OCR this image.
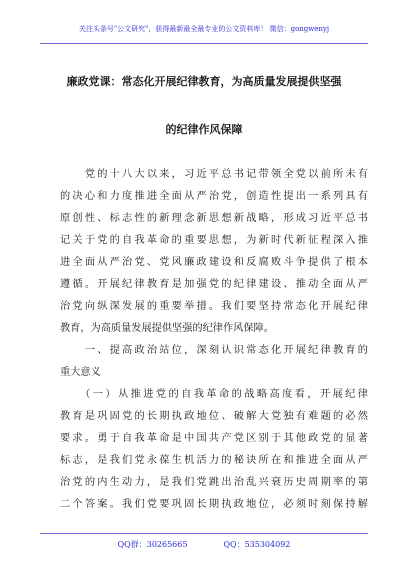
关注头条号"公文研究"，获得最新最全最专业的公文资料库！ 微信：gongwenyj
廉政党课：常态化开展纪律教育，为高质量发展提供坚强
的纪律作风保障
　　党的十八大以来，习近平总书记带领全党以前所未有
的决心和力度推进全面从严治党，创造性提出一系列具有
原创性、标志性的新理念新思想新战略，形成习近平总书
记关于党的自我革命的重要思想，为新时代新征程深入推
进全面从严治党、党风廉政建设和反腐败斗争提供了根本
遵循。开展纪律教育是加强党的纪律建设、推动全面从严
治党向纵深发展的重要举措。我们要坚持常态化开展纪律
教育，为高质量发展提供坚强的纪律作风保障。
　　一、提高政治站位，深刻认识常态化开展纪律教育的
重大意义
　　（一）从推进党的自我革命的战略高度看，开展纪律
教育是巩固党的长期执政地位、破解大党独有难题的必然
要求。勇于自我革命是中国共产党区别于其他政党的显著
标志，是我们党永葆生机活力的秘诀所在和推进全面从严
治党的内生动力，是我们党跳出治乱兴衰历史周期率的第
二个答案。我们党要巩固长期执政地位，必须时刻保持解
QQ群：30265665	QQ：535304092
